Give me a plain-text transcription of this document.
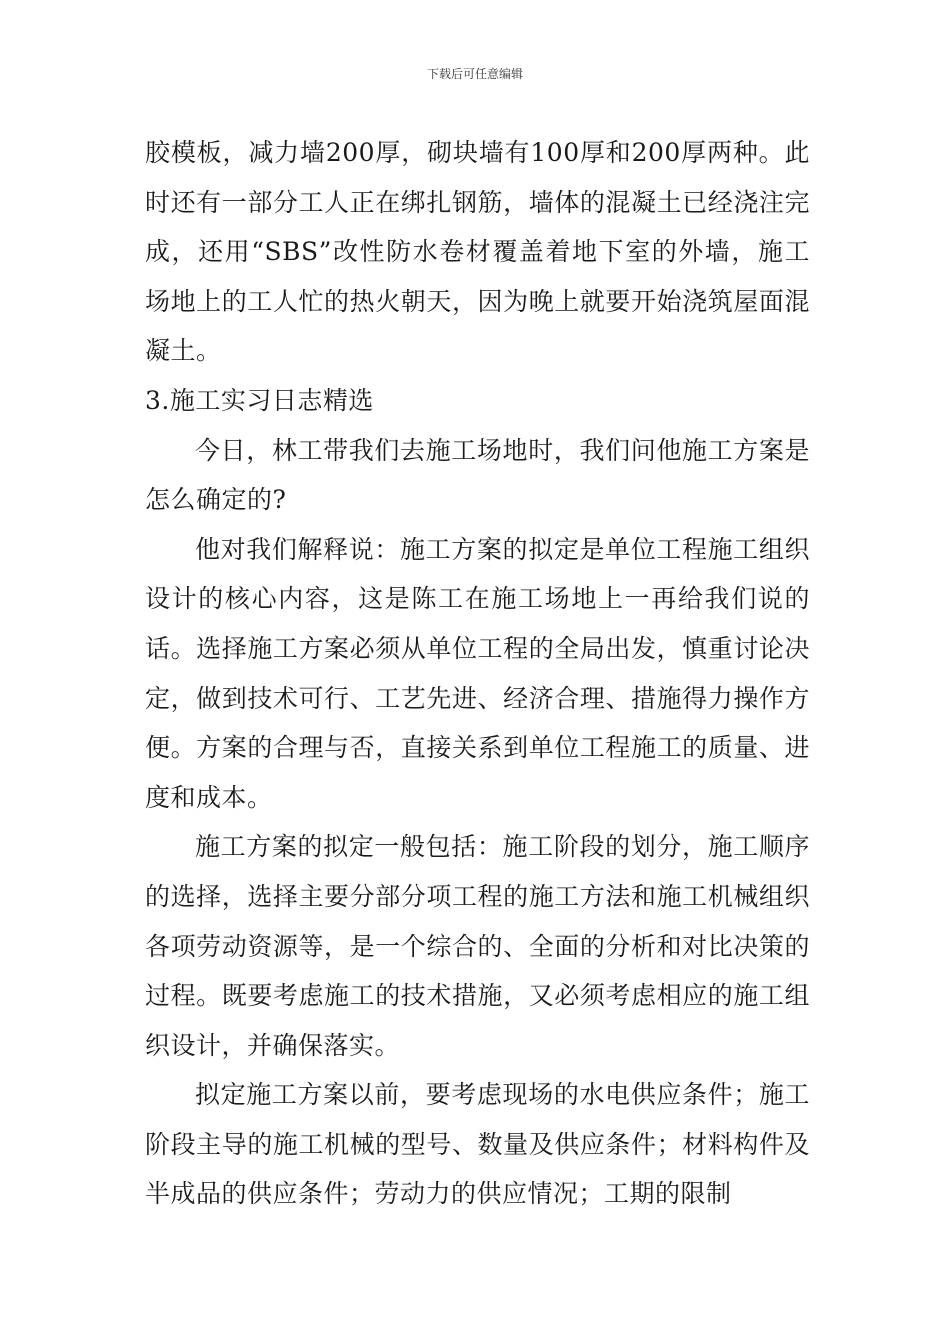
下载后可任意编辑

胶模板，减力墙200厚，砌块墙有100厚和200厚两种。此时还有一部分工人正在绑扎钢筋，墙体的混凝土已经浇注完成，还用“SBS”改性防水卷材覆盖着地下室的外墙，施工场地上的工人忙的热火朝天，因为晚上就要开始浇筑屋面混凝土。

3.施工实习日志精选

今日，林工带我们去施工场地时，我们问他施工方案是怎么确定的?

他对我们解释说：施工方案的拟定是单位工程施工组织设计的核心内容，这是陈工在施工场地上一再给我们说的话。选择施工方案必须从单位工程的全局出发，慎重讨论决定，做到技术可行、工艺先进、经济合理、措施得力操作方便。方案的合理与否，直接关系到单位工程施工的质量、进度和成本。

施工方案的拟定一般包括：施工阶段的划分，施工顺序的选择，选择主要分部分项工程的施工方法和施工机械组织各项劳动资源等，是一个综合的、全面的分析和对比决策的过程。既要考虑施工的技术措施，又必须考虑相应的施工组织设计，并确保落实。

拟定施工方案以前，要考虑现场的水电供应条件；施工阶段主导的施工机械的型号、数量及供应条件；材料构件及半成品的供应条件；劳动力的供应情况；工期的限制
